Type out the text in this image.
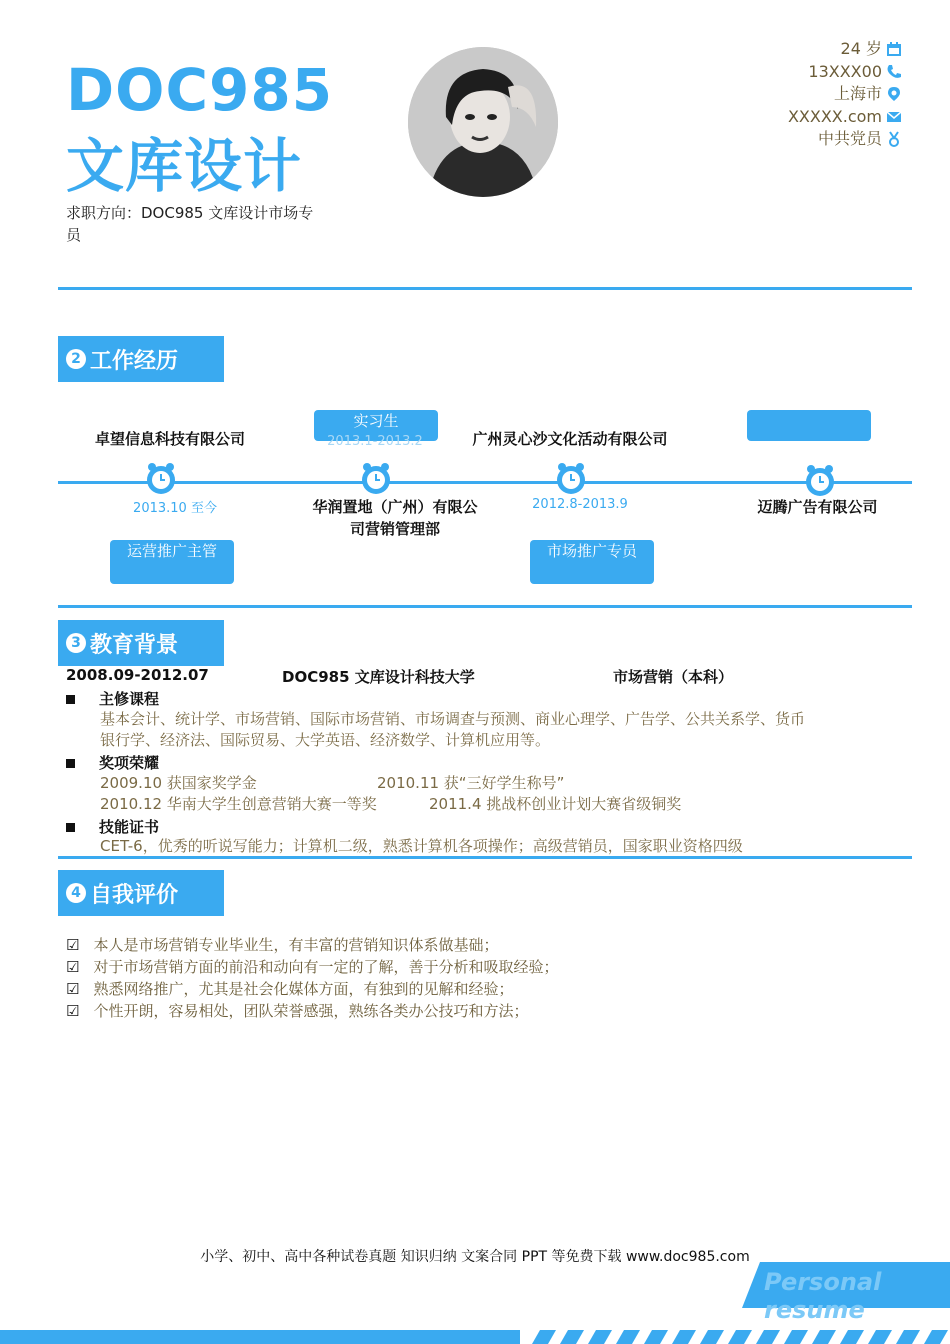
DOC985
文库设计
求职方向：DOC985 文库设计市场专员
24 岁
13XXX00
上海市
XXXXX.com
中共党员
2 工作经历
卓望信息科技有限公司
2013.10 至今
运营推广主管
实习生
2013.1-2013.2
华润置地（广州）有限公司营销管理部
广州灵心沙文化活动有限公司
2012.8-2013.9
市场推广专员
迈腾广告有限公司
3 教育背景
2008.09-2012.07	DOC985 文库设计科技大学	市场营销（本科）
主修课程
基本会计、统计学、市场营销、国际市场营销、市场调查与预测、商业心理学、广告学、公共关系学、货币
银行学、经济法、国际贸易、大学英语、经济数学、计算机应用等。
奖项荣耀
2009.10 获国家奖学金	2010.11 获“三好学生称号”
2010.12 华南大学生创意营销大赛一等奖	2011.4 挑战杯创业计划大赛省级铜奖
技能证书
CET-6，优秀的听说写能力；计算机二级，熟悉计算机各项操作；高级营销员，国家职业资格四级
4 自我评价
☑ 本人是市场营销专业毕业生，有丰富的营销知识体系做基础；
☑ 对于市场营销方面的前沿和动向有一定的了解，善于分析和吸取经验；
☑ 熟悉网络推广，尤其是社会化媒体方面，有独到的见解和经验；
☑ 个性开朗，容易相处，团队荣誉感强，熟练各类办公技巧和方法；
小学、初中、高中各种试卷真题 知识归纳 文案合同 PPT 等免费下载 www.doc985.com
Personal resume
